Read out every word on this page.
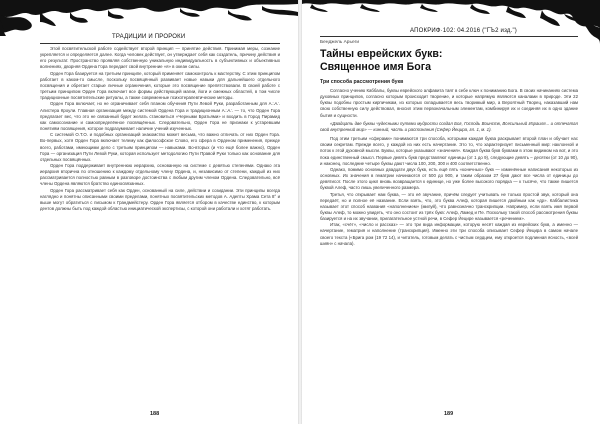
ТРАДИЦИИ И ПРОРОКИ

Этой посвятительской работе содействует второй принцип — принятие действия. Принимая меры, сознание укрепляется и определяется далее. Когда человек действует, он утверждает себя как создатель, причину действия и его результат. Пространство проявляя собственную уникальную индивидуальность в субъективных и объективных волнениях, дворняя Ордена Гора передает свой внутренние «я» в океан силы.

Орден Гора базируется на третьем принципе, который применяет самоконтроль к мастерству. С этим принципом работает в каком-то смысле, поскольку посвящённый развивает новые навыки для дальнейшего отдельного посвящения и обретает старые личные ограничения, которые это посвящение препятствовали. В своей работе с третьим принципом Орден Гора включает все формы действующей магии, йоги и смежных областей, в том числе традиционные посвятительские ритуалы, а также современные психотерапевтические методы.

Орден Гора включает, но не ограничивает себя планом обучения Пути Левой Руки, разработанным для А∴А∴ Алистера Кроули. Главная организация между системой Ордена Гора и традиционным А∴А∴ — то, что Орден Гора предлагает вес, что это не связанный будет желать становиться «Черными Братьями» и входить в Город Пирамид как самосознание и самоопределённое посвящённых. Следовательно, Орден Гора не признаки к устаревшим понятиям посвящения, которое подразумевает наличие учений изученных.

С системой О.Т.О. и подобных организаций знакомство может весьма, что важно отличать от них Орден Гора. Во-первых, хотя Орден Гора включает телему как философское Слово, его сфера в Орденом применения, прежде всего, работами, имеющими дело с третьим принципом — навыками. Во-вторых (и что ещё более важно), Орден Гора — организация Пути Левой Руки, которая использует методологию Пути Правой Руки только как основание для отдельных посвящённых.

Орден Гора поддерживает внутреннюю иерархию, основанную на системе с девятью степенями. Однако эта иерархия вторична по отношению к каждому отдельному члену Ордена, и, независимо от степени, каждый из них рассматривается полностью равным в разговоре достоинства с любым другим членом Ордена. Следовательно, всё члены Ордена являются братство единосвязанных.

Орден Гора рассматривает себя как Орден, основанный на силе, действии и созидании. Эти принципы всегда наглядно и понятны описанными своими пределами, понятных посвятительских методов А. Адепты Храма Сета 8° и выше могут обратиться с письмом к Грандмейстеру. Орден Гора является отбором в качестве единство, к которым дентов должны быть под каждой областью инициатической экспертизы, с которой они работали и хотят работать.

188
АПОКРИФ·102: 04.2016 ("ГЪ2 изд.")
Бенджель Арьеги
Тайны еврейских букв:
Священное имя Бога
Три способа рассмотрения букв

Согласно учению Каббалы, буквы еврейского алфавита таят в себе ключ к пониманию Бога. В своих начинаниях система духовных принципов, согласно которым происходит творение, и которые напрямую являются каналами в природе. Эти 22 буквы подобны простым кирпичикам, из которых складывается весь творимый мир, а Вероятный Творец, наказавший нам свою собственную силу действовал, вносил этим первоначальным элементам, комбинируя их и соединяя их в одно здание бытия и сущности.

«Двадцать две буквы чудесными путями мудрости создал Бог, Господь Воинств, Всесильный Израиля... и отпечатал свой внутренний мир» — кинный, часть и распознания (Сефер Йецира, гл. 1, м. 1).

Под этим третьим «сферами» понимаются три способа, которыми каждая буква раскрывает второй план и обучает нас своим секретам. Прежде всего, у каждой из них есть начертание. Это то, что характеризует письменный мир: наклонной и поток к этой духовной мысли. Буквы, которые указывают «значения». Каждая буква букв буквами в этом видимом на вот, и это пока единственный смысл. Первые девять букв представляют единицы (от 1 до 9), следующие девять – десятки (от 10 до 90), и наконец, последние четыре буквы дают числа 100, 200, 300 и 400 соответственно.

Однако, помимо основных двадцати двух букв, есть ещё пять «конечных» букв — изменённые написания некоторых из основных. Их значения в гематрии начинаются от 500 до 900, и таким образом 27 букв дают все числа от единицы до девятисот. После этого цикл вновь возвращается к единице, но уже более высокого порядка — к тысяче, что также пишется буквой Алеф, часто лишь увеличенного размера.

Третья, что открывает нам буква, — это её звучание, причём следует учитывать не только простой звук, который она передаёт, но и полное её название. Если взять, что, это буква Алеф, которая пишется двойным как «др». Каббалистика называет этот способ названия «наполнением» (милуй), что равнозначно транскрипции. Например, если взять имя первой буквы Алеф, то можно увидеть, что оно состоит из трёх букв: Алеф, Ламед и Пе. Поскольку такой способ рассмотрения буквы базируется и на их звучании, прилагательное устной речи, в Сефер Йецире называется «речением».

Итак, «счёт», «число и рассказ» — это три вида информации, которую несёт каждая из еврейских букв, а именно — начертание, гематрия и наполнение (транскрипция). Именно эти три способа описывает Сефер Йецира в самом начале своего текста («Брига ром (19 72 14), и читатель, готовым делать с чистым сердцем, ему откроется подлинная ясность, «всей шиян» с начала).

189
